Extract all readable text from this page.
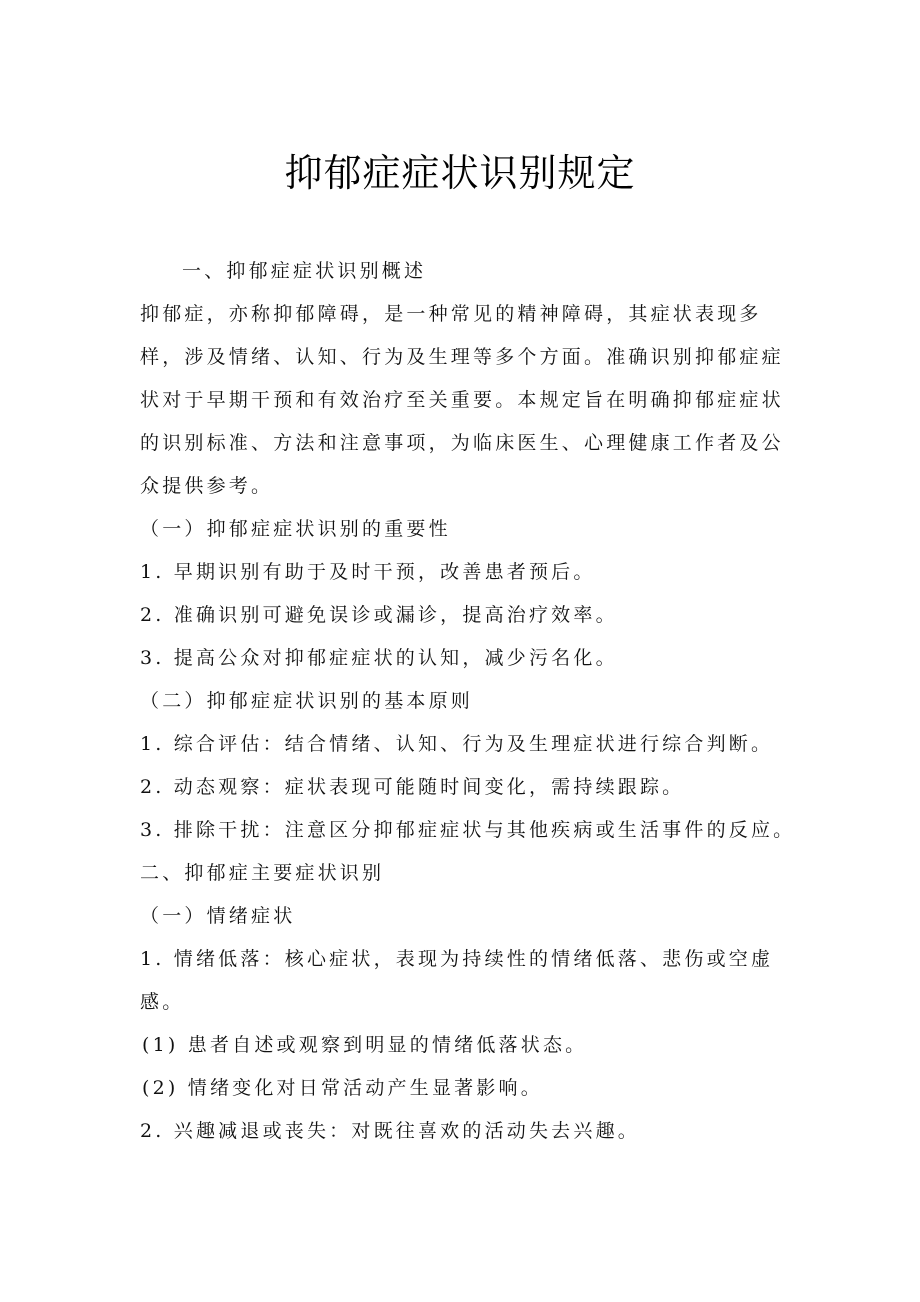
抑郁症症状识别规定
一、抑郁症症状识别概述
抑郁症，亦称抑郁障碍，是一种常见的精神障碍，其症状表现多
样，涉及情绪、认知、行为及生理等多个方面。准确识别抑郁症症
状对于早期干预和有效治疗至关重要。本规定旨在明确抑郁症症状
的识别标准、方法和注意事项，为临床医生、心理健康工作者及公
众提供参考。
（一）抑郁症症状识别的重要性
1. 早期识别有助于及时干预，改善患者预后。
2. 准确识别可避免误诊或漏诊，提高治疗效率。
3. 提高公众对抑郁症症状的认知，减少污名化。
（二）抑郁症症状识别的基本原则
1. 综合评估：结合情绪、认知、行为及生理症状进行综合判断。
2. 动态观察：症状表现可能随时间变化，需持续跟踪。
3. 排除干扰：注意区分抑郁症症状与其他疾病或生活事件的反应。
二、抑郁症主要症状识别
（一）情绪症状
1. 情绪低落：核心症状，表现为持续性的情绪低落、悲伤或空虚
感。
(1) 患者自述或观察到明显的情绪低落状态。
(2) 情绪变化对日常活动产生显著影响。
2. 兴趣减退或丧失：对既往喜欢的活动失去兴趣。
